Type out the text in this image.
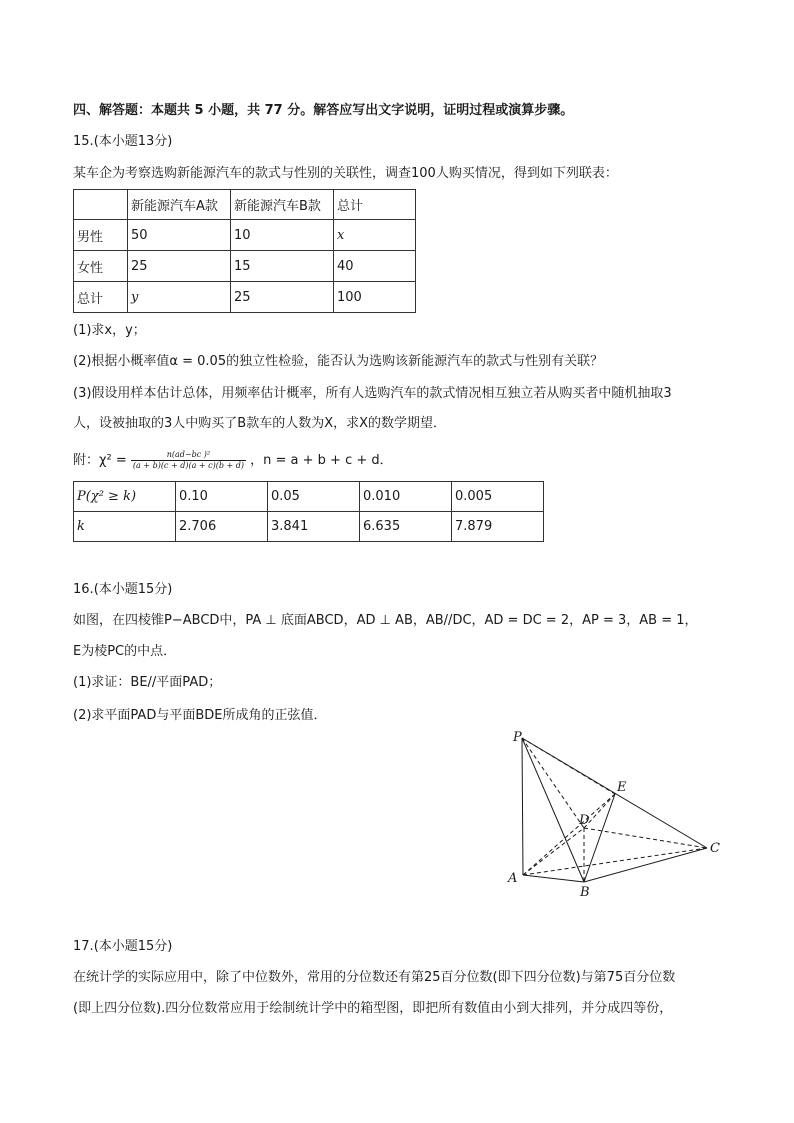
四、解答题：本题共 5 小题，共 77 分。解答应写出文字说明，证明过程或演算步骤。
15.(本小题13分)
某车企为考察选购新能源汽车的款式与性别的关联性，调查100人购买情况，得到如下列联表：
	新能源汽车A款	新能源汽车B款	总计
男性	50	10	x
女性	25	15	40
总计	y	25	100
(1)求x，y；
(2)根据小概率值α = 0.05的独立性检验，能否认为选购该新能源汽车的款式与性别有关联？
(3)假设用样本估计总体，用频率估计概率，所有人选购汽车的款式情况相互独立若从购买者中随机抽取3
人，设被抽取的3人中购买了B款车的人数为X，求X的数学期望．
附：$\chi^2 = \frac{\text{n(ad−bc )²}}{(a + b)(c + d)(a + c)(b + d)}$ ，n = a + b + c + d．
P(χ² ≥ k)	0.10	0.05	0.010	0.005
k	2.706	3.841	6.635	7.879
16.(本小题15分)
如图，在四棱锥P−ABCD中，PA ⊥ 底面ABCD，AD ⊥ AB，AB//DC，AD = DC = 2，AP = 3，AB = 1，
E为棱PC的中点．
(1)求证：BE//平面PAD；
(2)求平面PAD与平面BDE所成角的正弦值．
P
E
D
C
A
B
17.(本小题15分)
在统计学的实际应用中，除了中位数外，常用的分位数还有第25百分位数(即下四分位数)与第75百分位数
(即上四分位数).四分位数常应用于绘制统计学中的箱型图，即把所有数值由小到大排列，并分成四等份，
